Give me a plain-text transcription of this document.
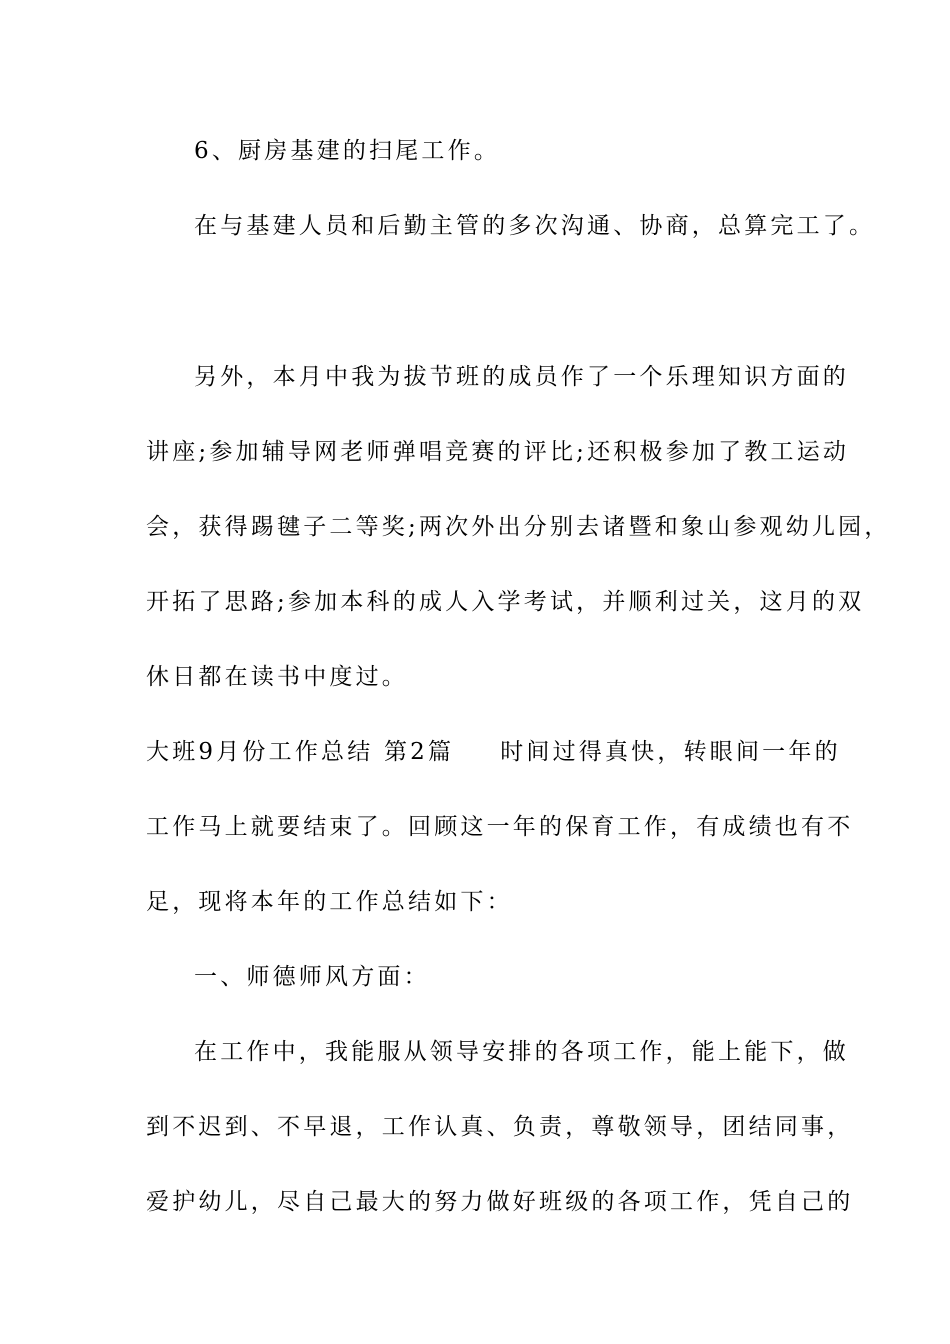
6、厨房基建的扫尾工作。

在与基建人员和后勤主管的多次沟通、协商，总算完工了。

另外，本月中我为拔节班的成员作了一个乐理知识方面的

讲座;参加辅导网老师弹唱竞赛的评比;还积极参加了教工运动

会，获得踢毽子二等奖;两次外出分别去诸暨和象山参观幼儿园，

开拓了思路;参加本科的成人入学考试，并顺利过关，这月的双

休日都在读书中度过。

大班9月份工作总结 第2篇 时间过得真快，转眼间一年的

工作马上就要结束了。回顾这一年的保育工作，有成绩也有不

足，现将本年的工作总结如下：

一、师德师风方面：

在工作中，我能服从领导安排的各项工作，能上能下，做

到不迟到、不早退，工作认真、负责，尊敬领导，团结同事，

爱护幼儿，尽自己最大的努力做好班级的各项工作，凭自己的
